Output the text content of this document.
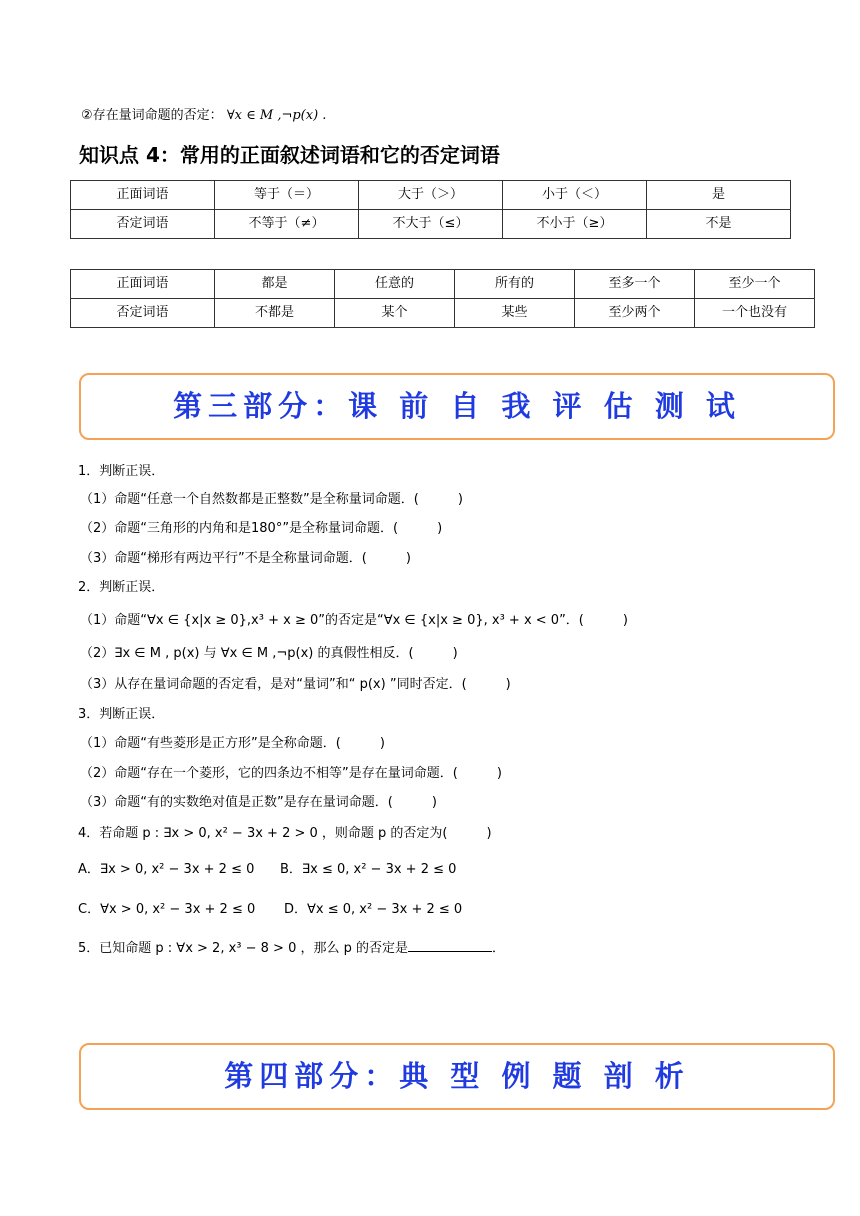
②存在量词命题的否定： ∀x ∈ M ,¬p(x) .
知识点 4：常用的正面叙述词语和它的否定词语
正面词语	等于（＝）	大于（＞）	小于（＜）	是
否定词语	不等于（≠）	不大于（≤）	不小于（≥）	不是
正面词语	都是	任意的	所有的	至多一个	至少一个
否定词语	不都是	某个	某些	至少两个	一个也没有
第三部分：课 前 自 我 评 估 测 试
1．判断正误．
（1）命题“任意一个自然数都是正整数”是全称量词命题．(　　　)
（2）命题“三角形的内角和是180°”是全称量词命题．(　　　)
（3）命题“梯形有两边平行”不是全称量词命题．(　　　)
2．判断正误．
（1）命题“∀x ∈ {x|x ≥ 0},x³ + x ≥ 0”的否定是“∀x ∈ {x|x ≥ 0}, x³ + x < 0”．(　　　)
（2）∃x ∈ M , p(x) 与 ∀x ∈ M ,¬p(x) 的真假性相反．(　　　)
（3）从存在量词命题的否定看，是对“量词”和“ p(x) ”同时否定．(　　　)
3．判断正误．
（1）命题“有些菱形是正方形”是全称命题．(　　　)
（2）命题“存在一个菱形，它的四条边不相等”是存在量词命题．(　　　)
（3）命题“有的实数绝对值是正数”是存在量词命题．(　　　)
4．若命题 p : ∃x > 0, x² − 3x + 2 > 0 ，则命题 p 的否定为(　　　)
A．∃x > 0, x² − 3x + 2 ≤ 0 B．∃x ≤ 0, x² − 3x + 2 ≤ 0
C．∀x > 0, x² − 3x + 2 ≤ 0 D．∀x ≤ 0, x² − 3x + 2 ≤ 0
5．已知命题 p : ∀x > 2, x³ − 8 > 0 ，那么 p 的否定是	．
第四部分：典 型 例 题 剖 析
